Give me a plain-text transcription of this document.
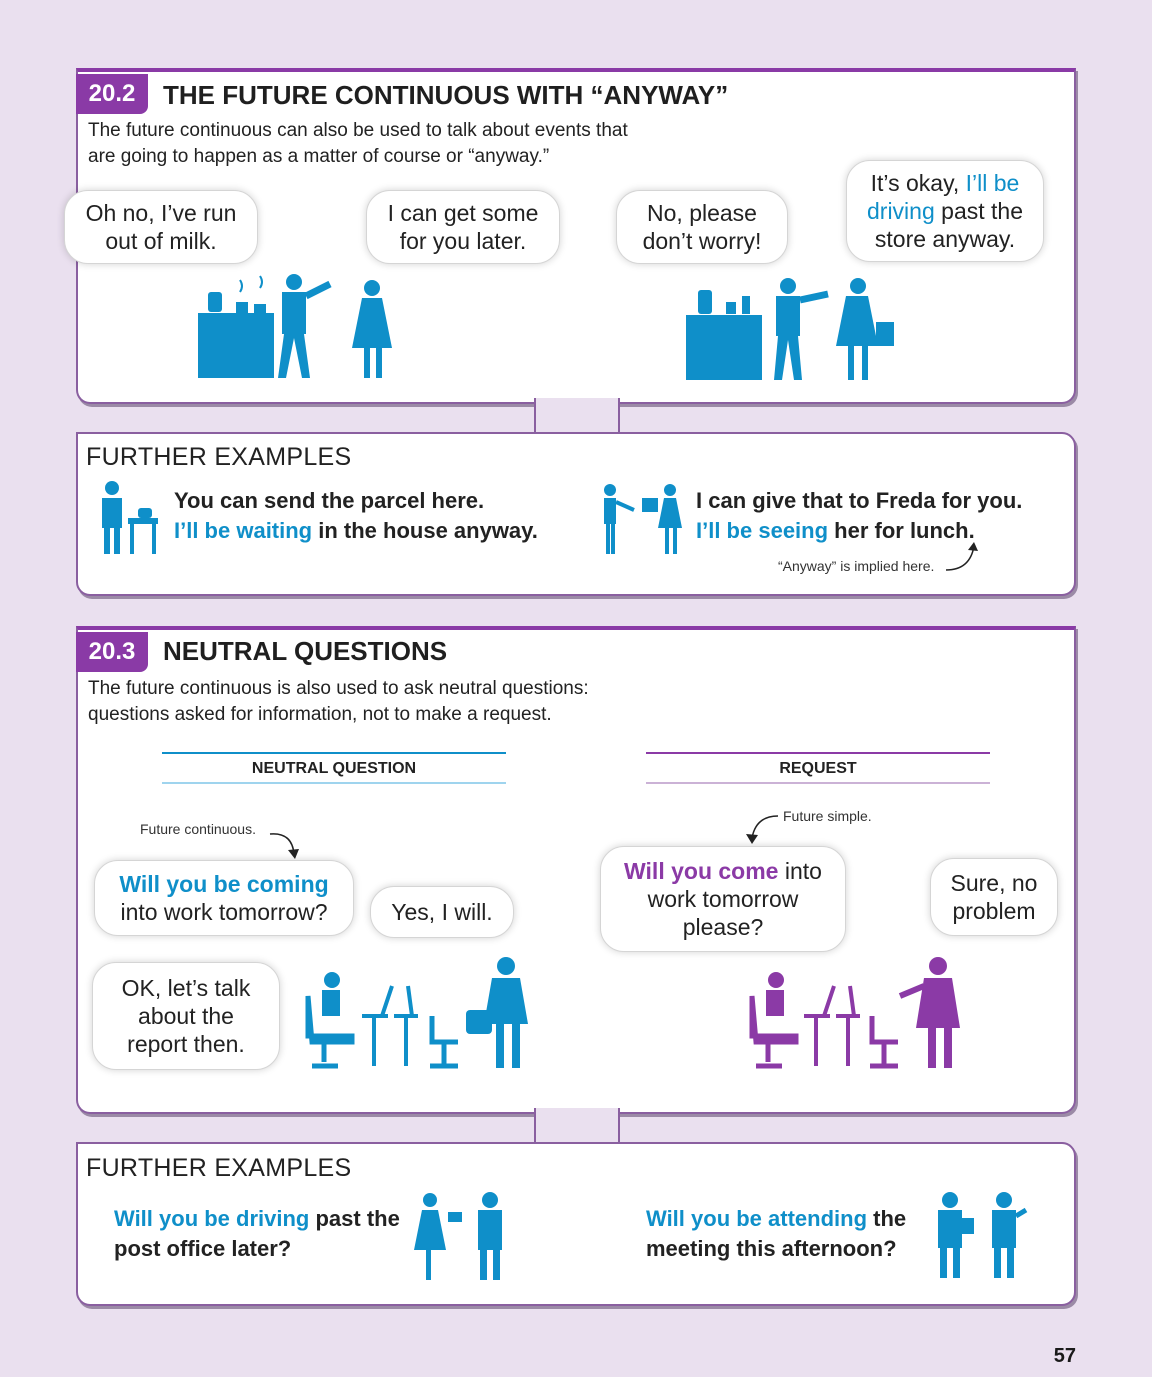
20.2	THE FUTURE CONTINUOUS WITH “ANYWAY”
The future continuous can also be used to talk about events that
are going to happen as a matter of course or “anyway.”
Oh no, I’ve run
out of milk.
I can get some
for you later.
No, please
don’t worry!
It’s okay, I’ll be
driving past the
store anyway.
FURTHER EXAMPLES
You can send the parcel here.
I’ll be waiting in the house anyway.
I can give that to Freda for you.
I’ll be seeing her for lunch.
“Anyway” is implied here.
20.3	NEUTRAL QUESTIONS
The future continuous is also used to ask neutral questions:
questions asked for information, not to make a request.
NEUTRAL QUESTION	REQUEST
Future continuous.
Future simple.
Will you be coming
into work tomorrow?	Yes, I will.
OK, let’s talk
about the
report then.
Will you come into
work tomorrow
please?
Sure, no
problem
FURTHER EXAMPLES
Will you be driving past the
post office later?
Will you be attending the
meeting this afternoon?
57
